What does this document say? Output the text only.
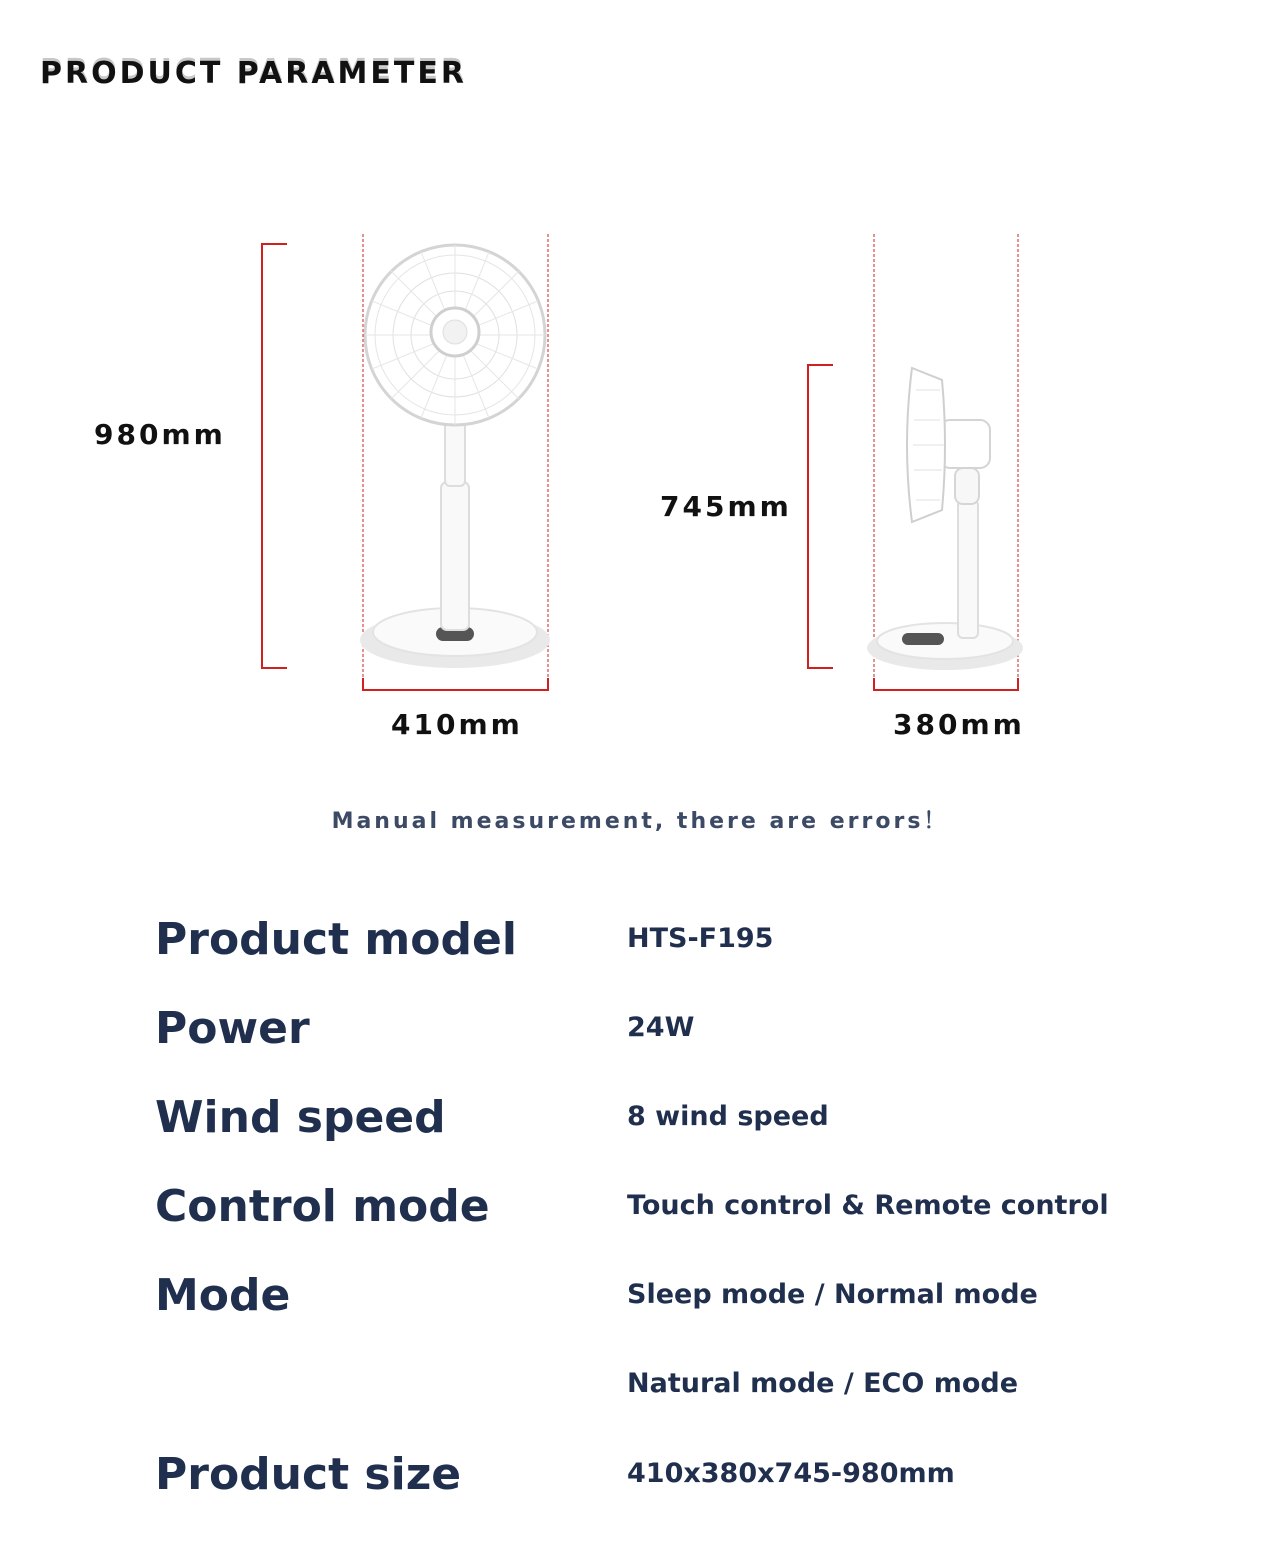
PRODUCT PARAMETER
980mm
410mm
745mm
380mm
Manual measurement, there are errors！
Product model	HTS-F195
Power	24W
Wind speed	8 wind speed
Control mode	Touch control & Remote control
Mode	Sleep mode / Normal mode
Natural mode / ECO mode
Product size	410x380x745-980mm
